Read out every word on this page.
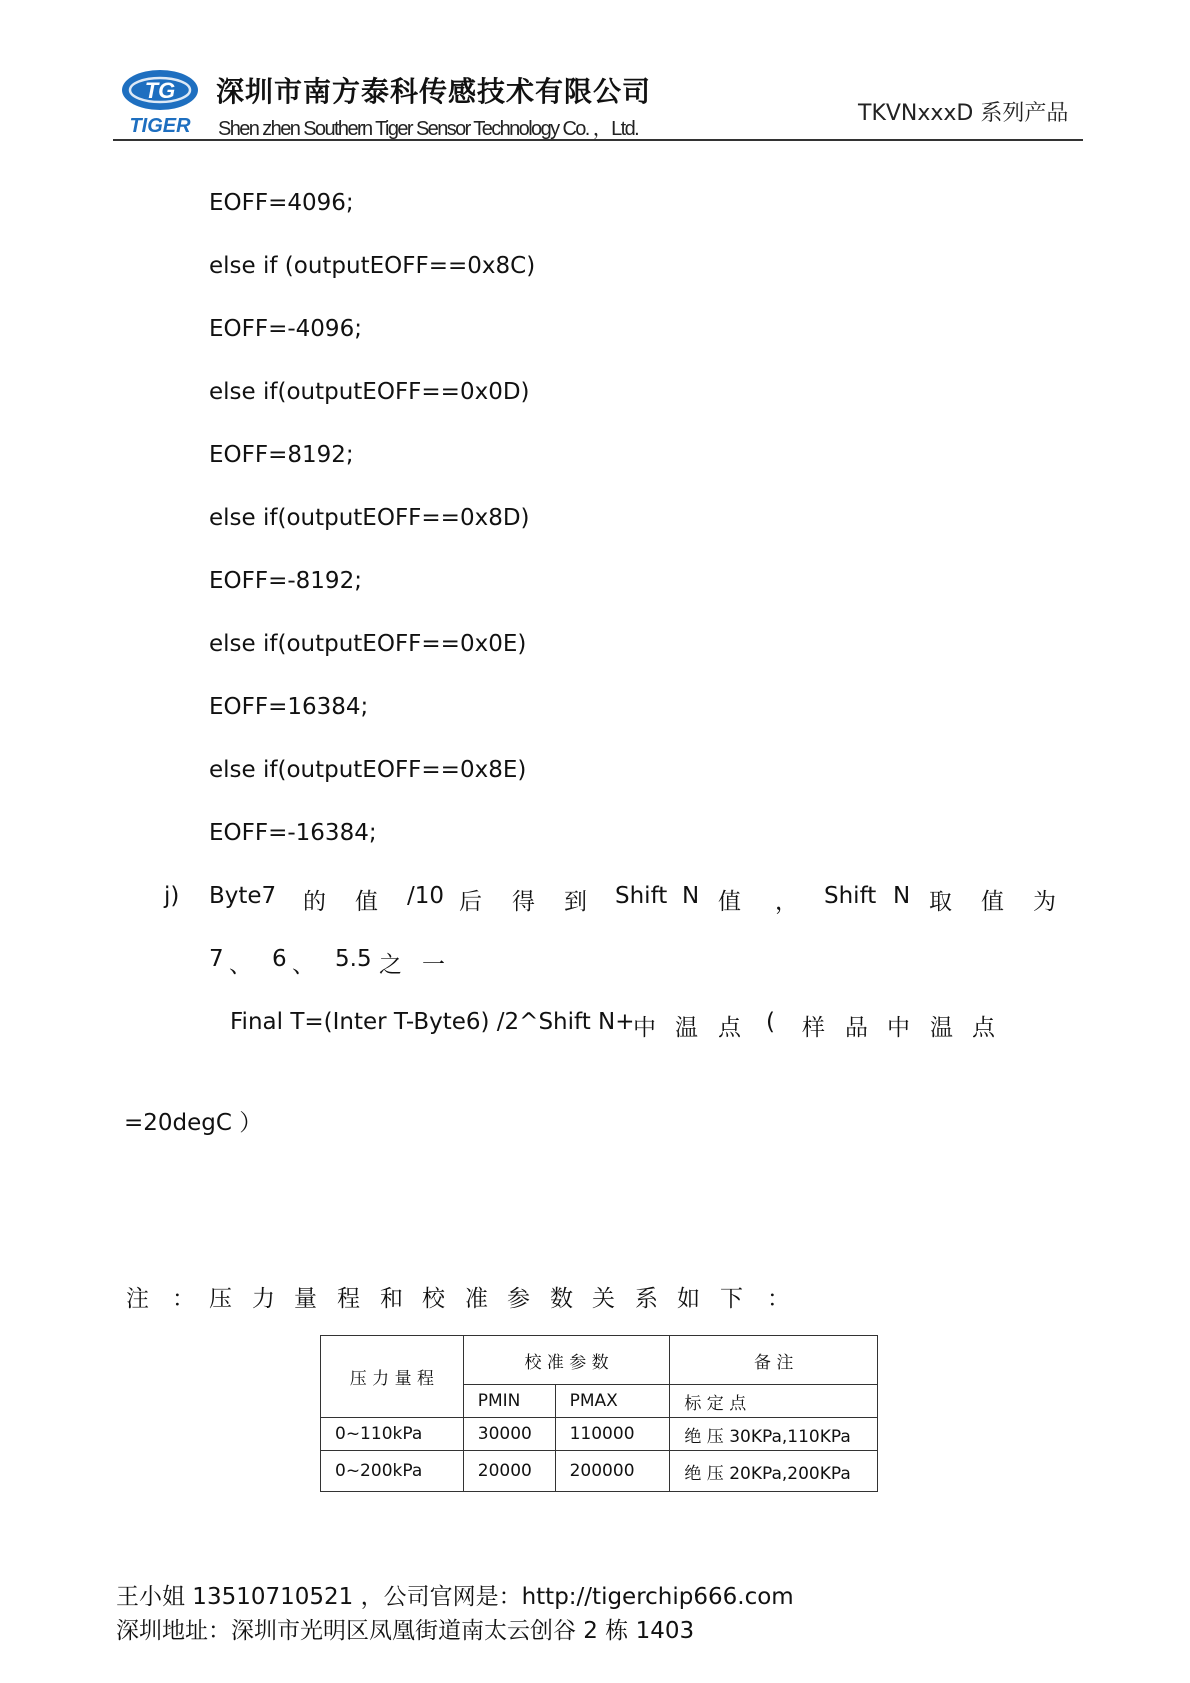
TG
TIGER
深圳市南方泰科传感技术有限公司
Shen zhen Southern Tiger Sensor Technology Co. ，Ltd.
TKVNxxxD 系列产品
EOFF=4096;
else if (outputEOFF==0x8C)
EOFF=-4096;
else if(outputEOFF==0x0D)
EOFF=8192;
else if(outputEOFF==0x8D)
EOFF=-8192;
else if(outputEOFF==0x0E)
EOFF=16384;
else if(outputEOFF==0x8E)
EOFF=-16384;
j) Byte7 的 值 /10 后 得 到 Shift N 值 ， Shift N 取 值 为
7 、 6 、 5.5 之 一
Final T=(Inter T-Byte6) /2^Shift N+
中 温 点 ( 样 品 中 温 点
=20degC ）
注 ： 压 力 量 程 和 校 准 参 数 关 系 如 下 ：
压 力 量 程	校 准 参 数		备 注
	PMIN	PMAX	标 定 点
0~110kPa	30000	110000	绝 压 30KPa,110KPa
0~200kPa	20000	200000	绝 压 20KPa,200KPa
王小姐 13510710521 ，公司官网是：http://tigerchip666.com
深圳地址：深圳市光明区凤凰街道南太云创谷 2 栋 1403
